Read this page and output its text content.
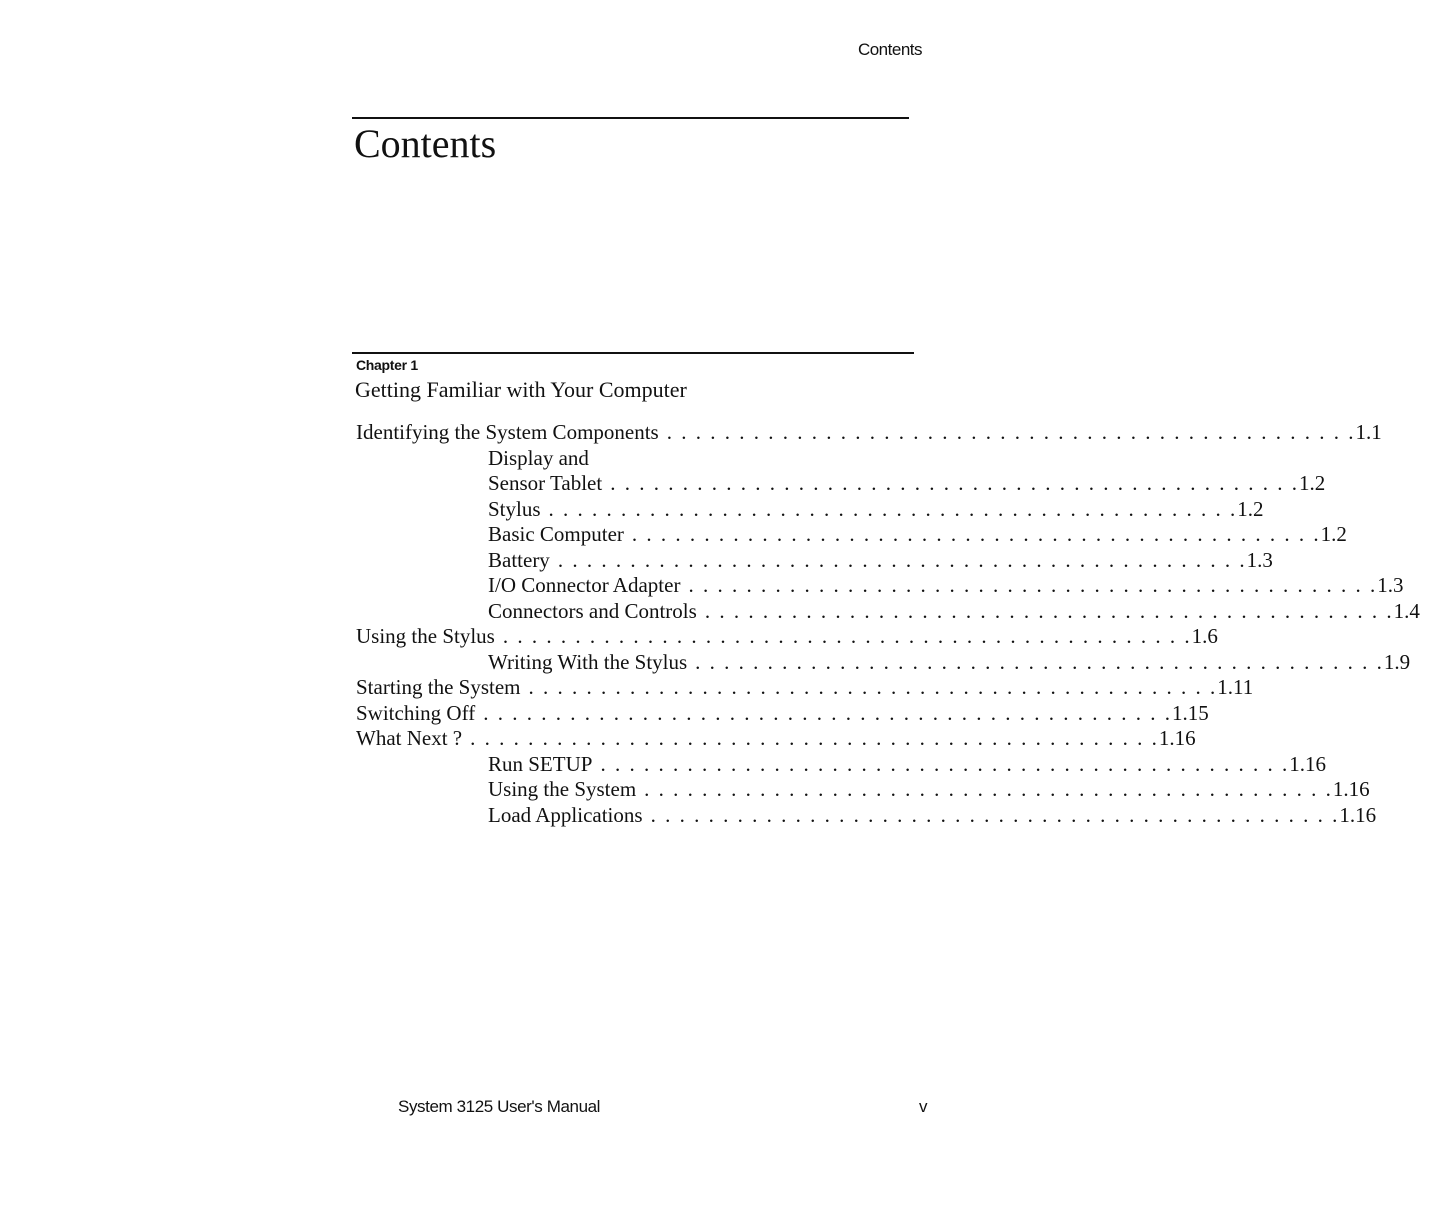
Contents
Contents
Chapter 1
Getting Familiar with Your Computer
Identifying the System Components . . . . . . . . . . . . . . . . . . . . . . . . . . . . . . . . . . . . . . . . . . . . . . . . 1.1
Display and
Sensor Tablet . . . . . . . . . . . . . . . . . . . . . . . . . . . . . . . . . . . . . . . . . . . . . . . . 1.2
Stylus . . . . . . . . . . . . . . . . . . . . . . . . . . . . . . . . . . . . . . . . . . . . . . . . 1.2
Basic Computer . . . . . . . . . . . . . . . . . . . . . . . . . . . . . . . . . . . . . . . . . . . . . . . . 1.2
Battery . . . . . . . . . . . . . . . . . . . . . . . . . . . . . . . . . . . . . . . . . . . . . . . . 1.3
I/O Connector Adapter . . . . . . . . . . . . . . . . . . . . . . . . . . . . . . . . . . . . . . . . . . . . . . . . 1.3
Connectors and Controls . . . . . . . . . . . . . . . . . . . . . . . . . . . . . . . . . . . . . . . . . . . . . . . . 1.4
Using the Stylus . . . . . . . . . . . . . . . . . . . . . . . . . . . . . . . . . . . . . . . . . . . . . . . . 1.6
Writing With the Stylus . . . . . . . . . . . . . . . . . . . . . . . . . . . . . . . . . . . . . . . . . . . . . . . . 1.9
Starting the System . . . . . . . . . . . . . . . . . . . . . . . . . . . . . . . . . . . . . . . . . . . . . . . . 1.11
Switching Off . . . . . . . . . . . . . . . . . . . . . . . . . . . . . . . . . . . . . . . . . . . . . . . . 1.15
What Next ? . . . . . . . . . . . . . . . . . . . . . . . . . . . . . . . . . . . . . . . . . . . . . . . . 1.16
Run SETUP . . . . . . . . . . . . . . . . . . . . . . . . . . . . . . . . . . . . . . . . . . . . . . . . 1.16
Using the System . . . . . . . . . . . . . . . . . . . . . . . . . . . . . . . . . . . . . . . . . . . . . . . . 1.16
Load Applications . . . . . . . . . . . . . . . . . . . . . . . . . . . . . . . . . . . . . . . . . . . . . . . . 1.16
System 3125 User's Manual	v
